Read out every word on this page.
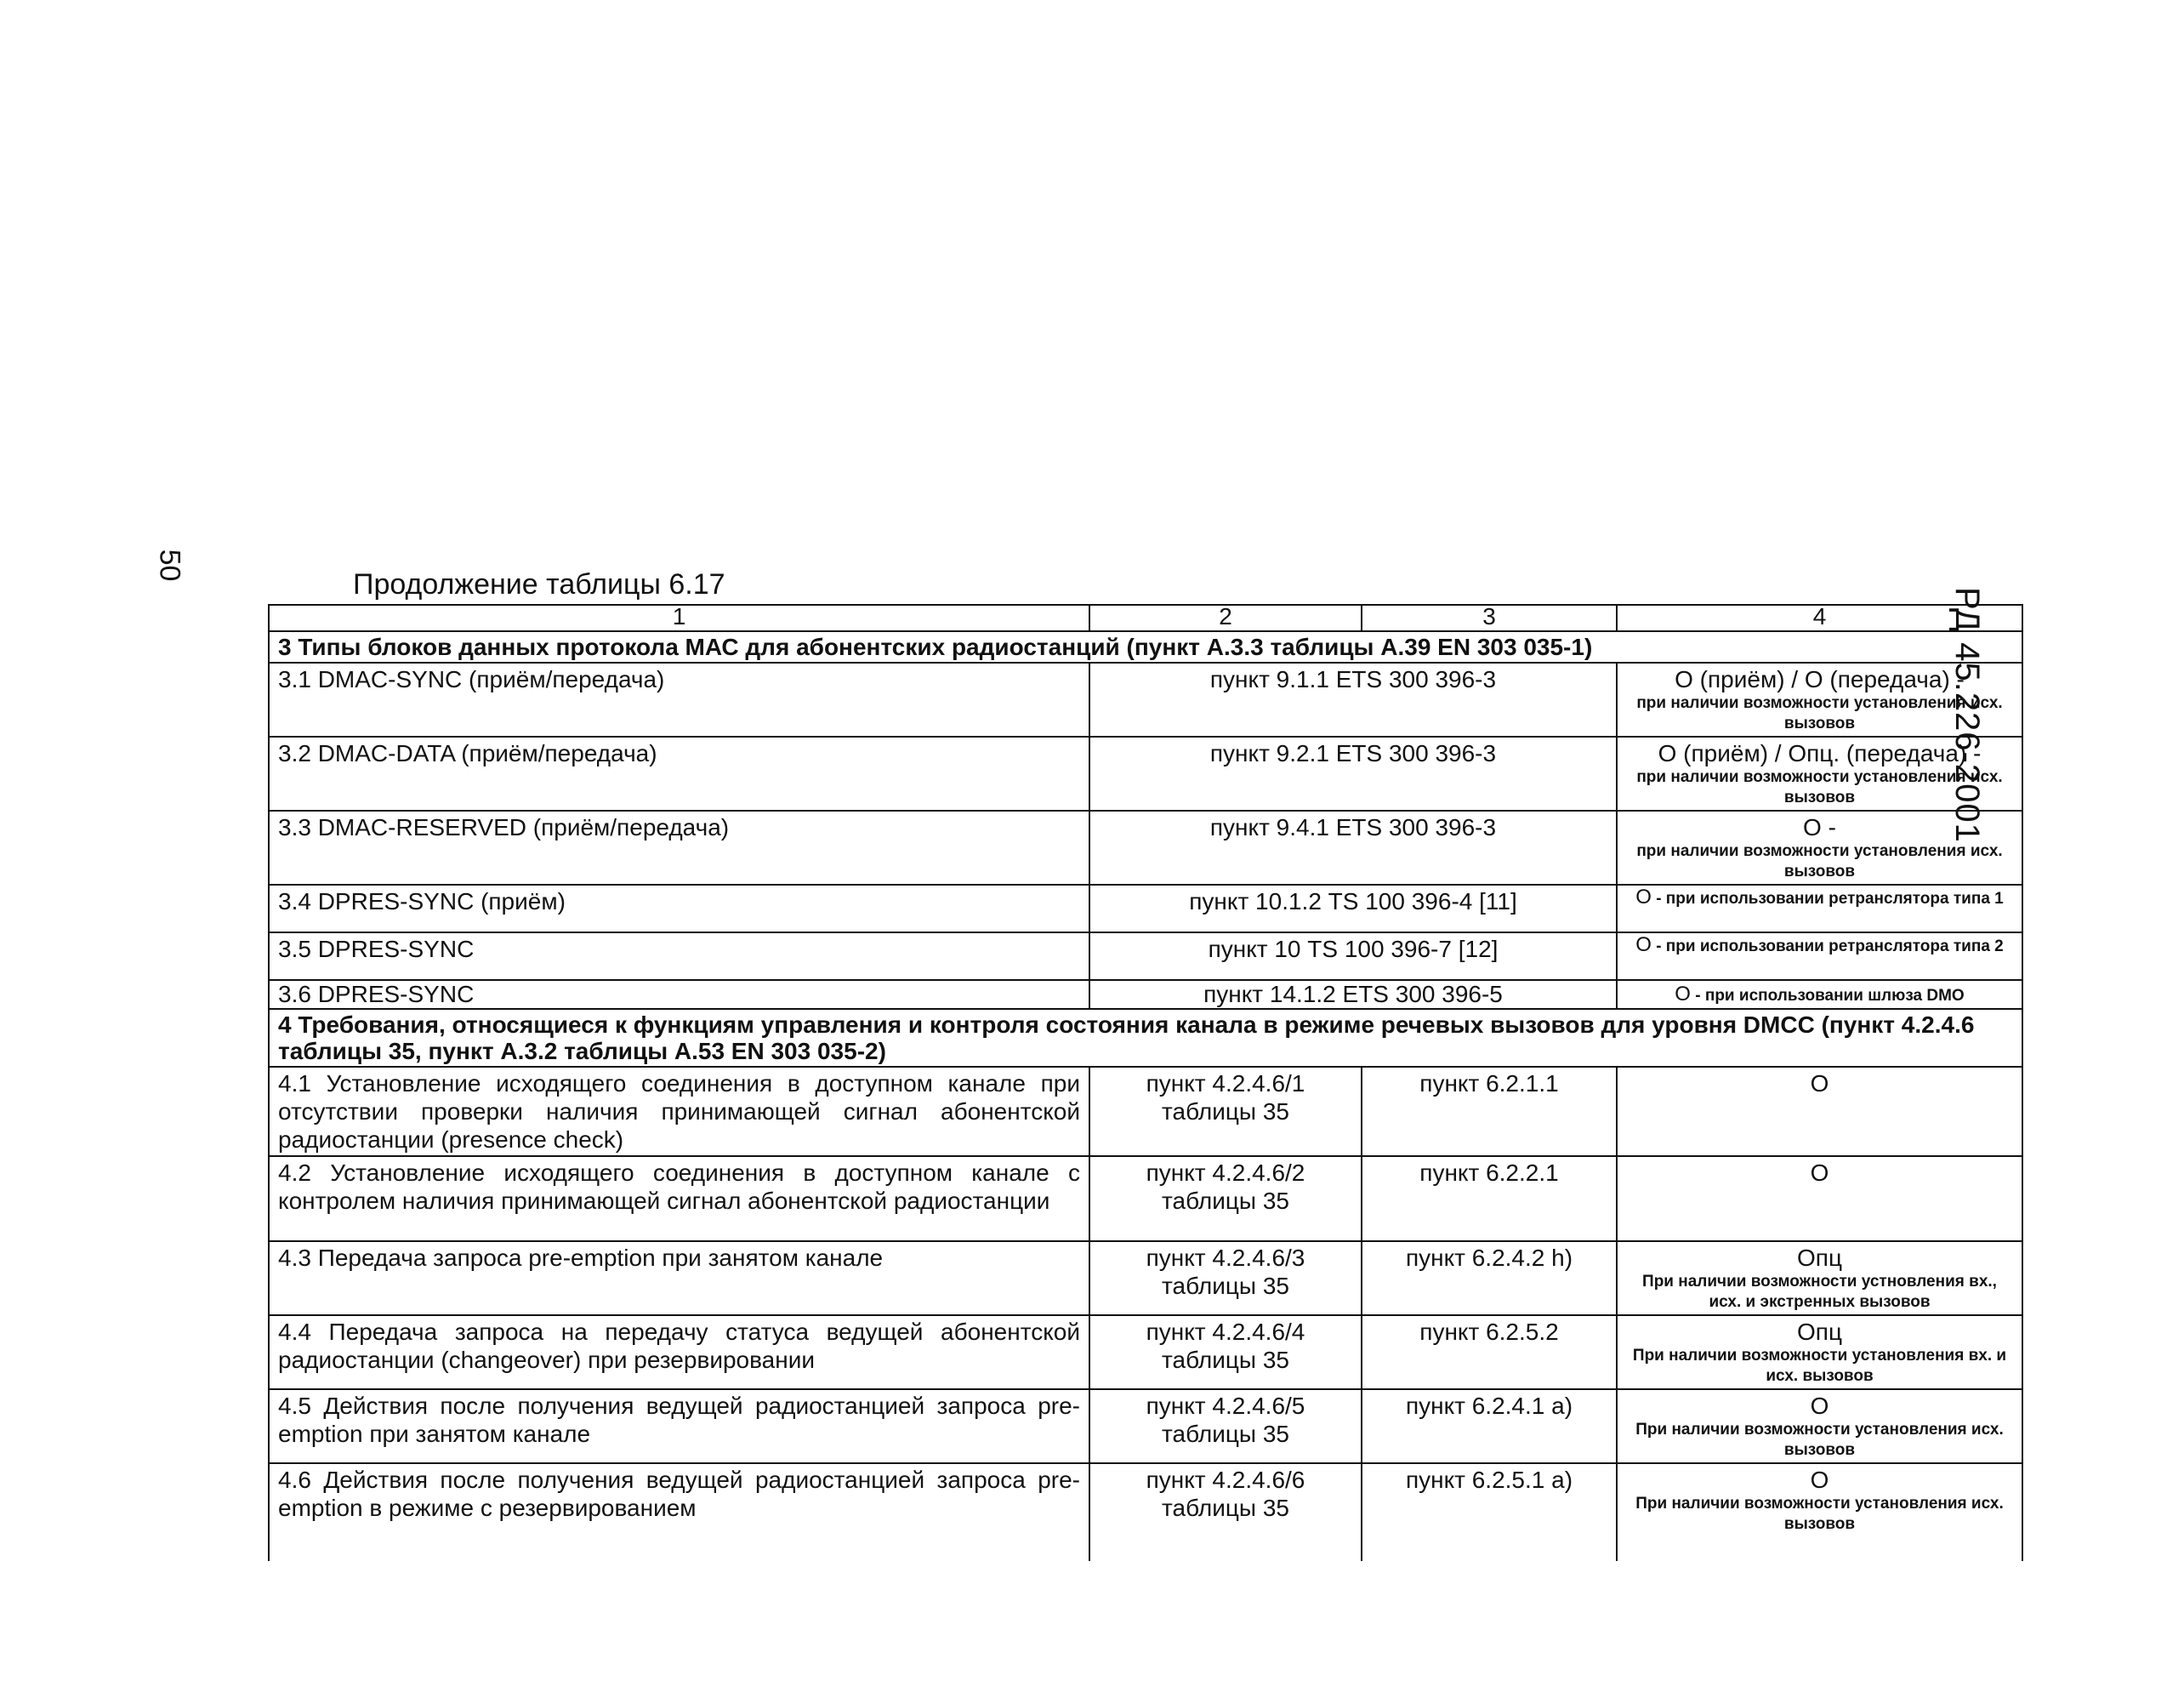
50
РД 45.226-2001
Продолжение таблицы 6.17
1	2	3	4
3 Типы блоков данных протокола МАС для абонентских радиостанций (пункт А.3.3 таблицы А.39 EN 303 035-1)			
3.1 DMAC-SYNC (приём/передача)	пункт 9.1.1 ETS 300 396-3		О (приём) / О (передача) -
при наличии возможности установления исх. вызовов

3.2 DMAC-DATA (приём/передача)	пункт 9.2.1 ETS 300 396-3		О (приём) / Опц. (передача) -
при наличии возможности установления исх. вызовов

3.3 DMAC-RESERVED (приём/передача)	пункт 9.4.1 ETS 300 396-3		О -
при наличии возможности установления исх. вызовов

3.4 DPRES-SYNC (приём)	пункт 10.1.2 TS 100 396-4 [11]		О - при использовании ретранслятора типа 1
3.5 DPRES-SYNC	пункт 10 TS 100 396-7 [12]		О - при использовании ретранслятора типа 2
3.6 DPRES-SYNC	пункт 14.1.2 ETS 300 396-5		О - при использовании шлюза DMO
4 Требования, относящиеся к функциям управления и контроля состояния канала в режиме речевых вызовов для уровня DMCC (пункт 4.2.4.6 таблицы 35, пункт А.3.2 таблицы А.53 EN 303 035-2)			
4.1 Установление исходящего соединения в доступном канале при отсутствии проверки наличия принимающей сигнал абонентской радиостанции (presence check)	пункт 4.2.4.6/1 таблицы 35	пункт 6.2.1.1	О
4.2 Установление исходящего соединения в доступном канале с контролем наличия принимающей сигнал абонентской радиостанции	пункт 4.2.4.6/2 таблицы 35	пункт 6.2.2.1	О
4.3 Передача запроса pre-emption при занятом канале	пункт 4.2.4.6/3 таблицы 35	пункт 6.2.4.2 h)	Опц
При наличии возможности устновления вх., исх. и экстренных вызовов

4.4 Передача запроса на передачу статуса ведущей абонентской радиостанции (changeover) при резервировании	пункт 4.2.4.6/4 таблицы 35	пункт 6.2.5.2	Опц
При наличии возможности установления вх. и исх. вызовов

4.5 Действия после получения ведущей радиостанцией запроса pre-emption при занятом канале	пункт 4.2.4.6/5 таблицы 35	пункт 6.2.4.1 а)	О
При наличии возможности установления исх. вызовов

4.6 Действия после получения ведущей радиостанцией запроса pre-emption в режиме с резервированием	пункт 4.2.4.6/6 таблицы 35	пункт 6.2.5.1 а)	О
При наличии возможности установления исх. вызовов
